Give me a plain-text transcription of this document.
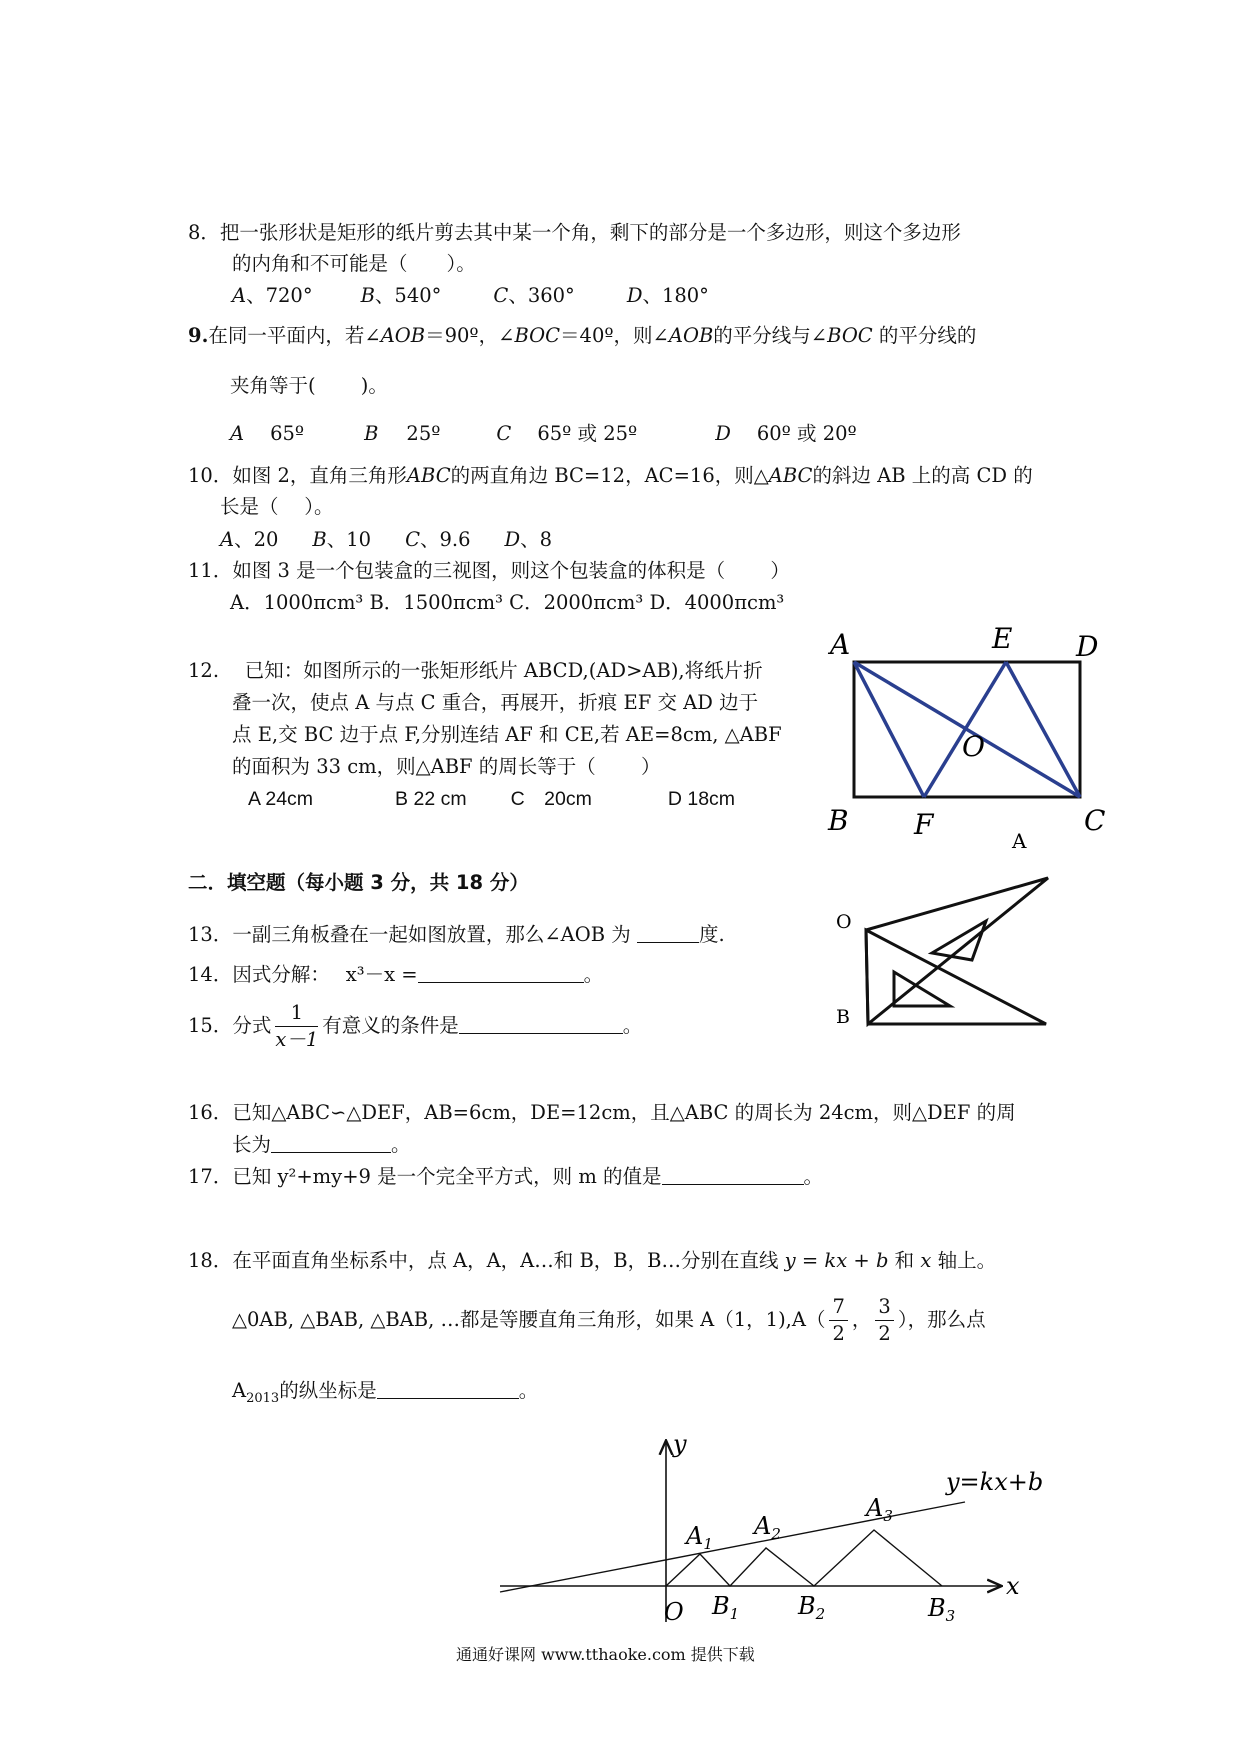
8．把一张形状是矩形的纸片剪去其中某一个角，剩下的部分是一个多边形，则这个多边形
的内角和不可能是（　　）。
A、720° B、540°	C、360°	D、180°
9.在同一平面内，若∠AOB＝90º，∠BOC＝40º，则∠AOB的平分线与∠BOC 的平分线的
夹角等于(　　 )。
A 65º	B 25º	C 65º 或 25º	D 60º 或 20º
10．如图 2，直角三角形ABC的两直角边 BC=12，AC=16，则△ABC的斜边 AB 上的高 CD 的
长是（　 ）。
A、20 B、10 C、9.6 D、8
11．如图 3 是一个包装盒的三视图，则这个包装盒的体积是（　　 ）
A．1000πcm³ B．1500πcm³ C．2000πcm³ D．4000πcm³
12.　 已知：如图所示的一张矩形纸片 ABCD,(AD>AB),将纸片折
叠一次，使点 A 与点 C 重合，再展开，折痕 EF 交 AD 边于
点 E,交 BC 边于点 F,分别连结 AF 和 CE,若 AE=8cm, △ABF
的面积为 33 cm，则△ABF 的周长等于（　　 ）
A 24cm	B 22 cm C　20cm	D 18cm
A	E D
B F	C
O
A
二．填空题（每小题 3 分，共 18 分）
13．一副三角板叠在一起如图放置，那么∠AOB 为	度.
O
B
14．因式分解：　 x³－x =	。
15．分式 $\frac{1}{x-1}$ 有意义的条件是	。
16．已知△ABC∽△DEF，AB=6cm，DE=12cm，且△ABC 的周长为 24cm，则△DEF 的周
长为	。
17．已知 y²+my+9 是一个完全平方式，则 m 的值是	。
18．在平面直角坐标系中，点 A，A，A…和 B，B，B…分别在直线 y = kx + b 和 x 轴上。
△0AB, △BAB, △BAB, …都是等腰直角三角形，如果 A（1，$1),A( \frac{7}{2}$ ， $\frac{3}{2}$ ），那么点
$A_{2013}$的纵坐标是	。
O
y
x
y=kx+b
$A_1$
$A_2$
$A_3$
$B_1$ $B_2$	$B_3$
通通好课网 www.tthaoke.com 提供下载
